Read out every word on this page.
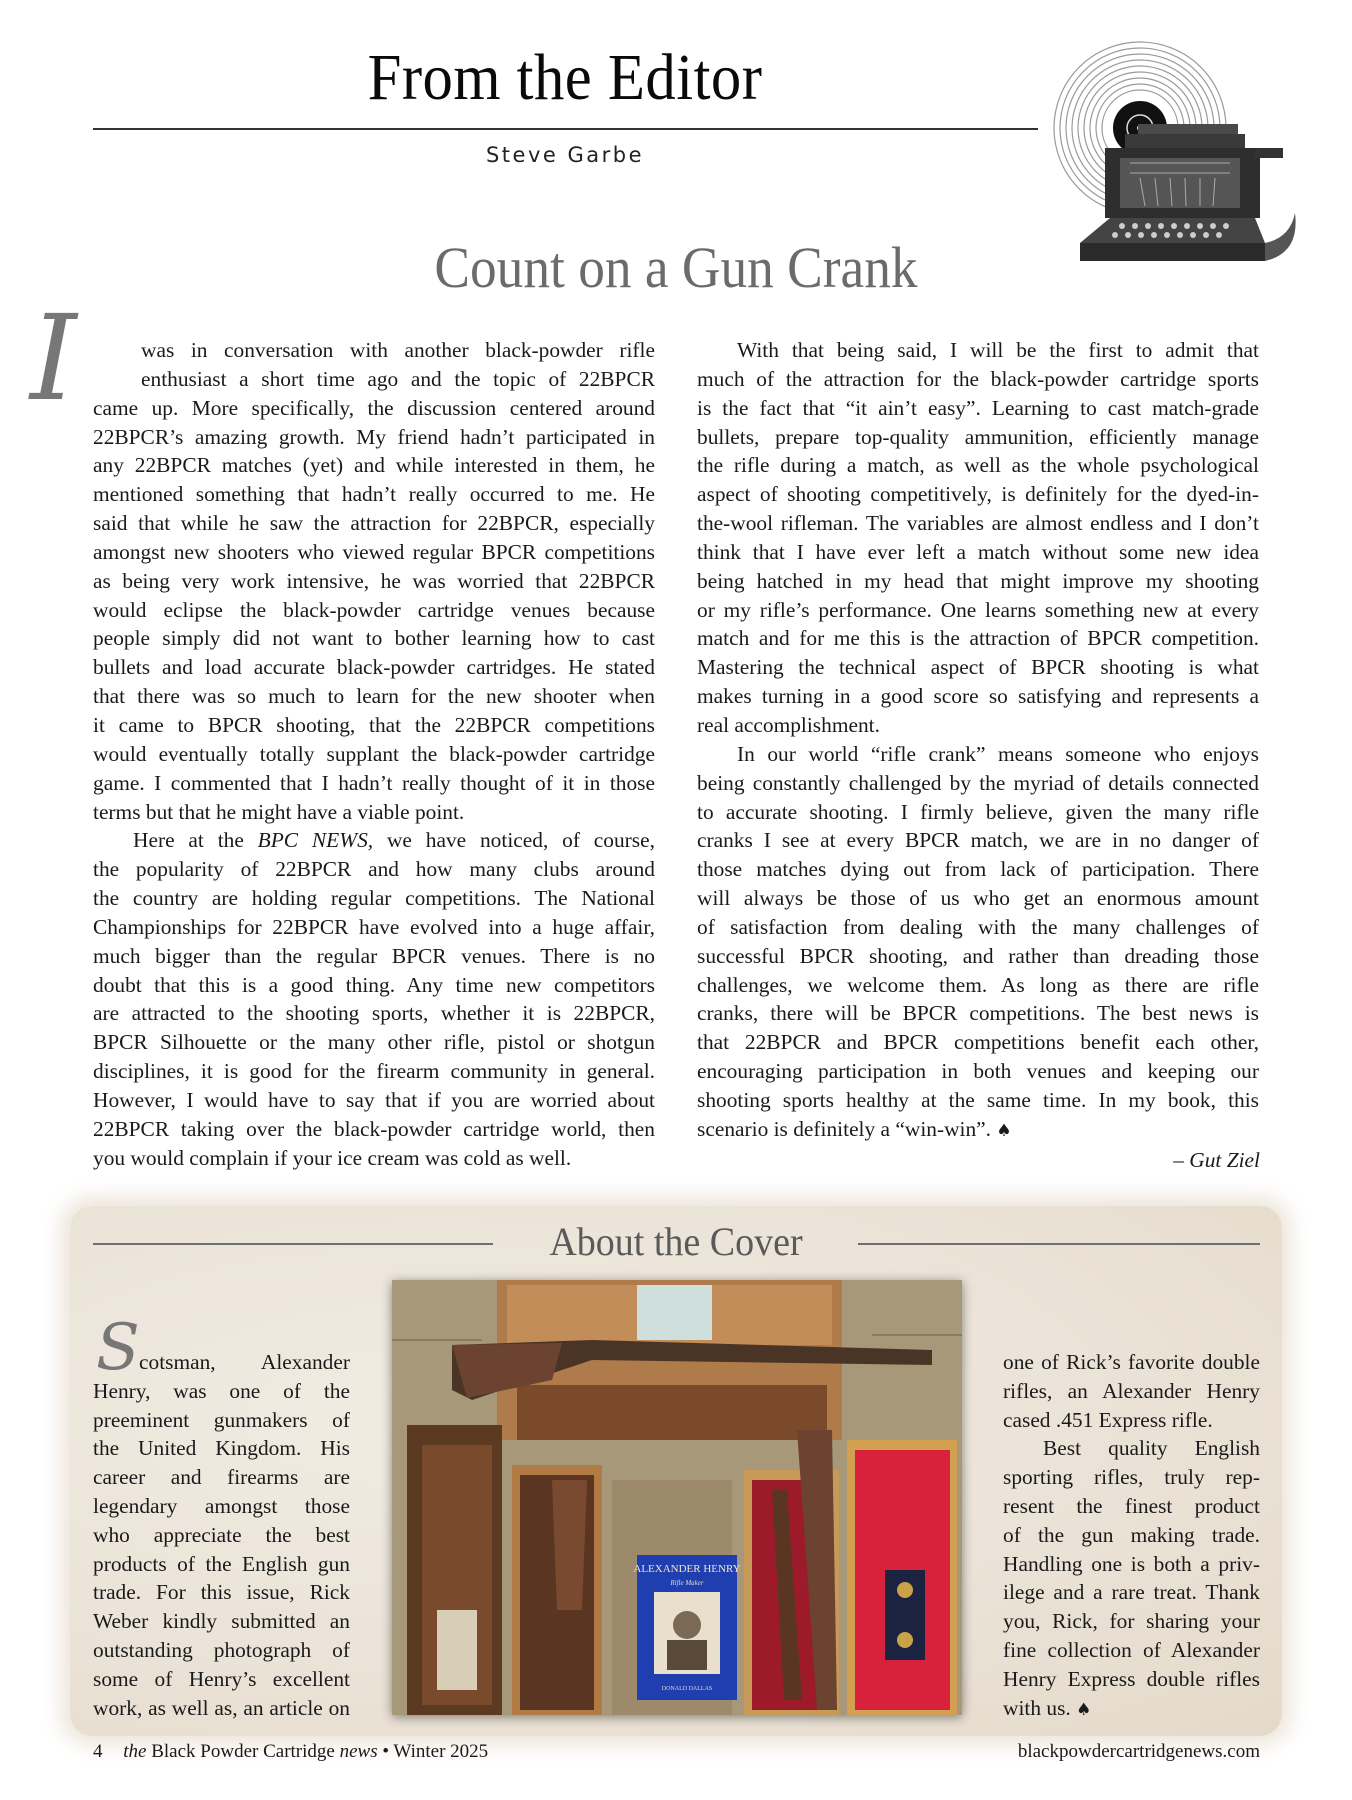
From the Editor
Steve Garbe
Count on a Gun Crank
I	was in conversation with another black-powder rifle
enthusiast a short time ago and the topic of 22BPCR
came up. More specifically, the discussion centered around
22BPCR’s amazing growth. My friend hadn’t participated in
any 22BPCR matches (yet) and while interested in them, he
mentioned something that hadn’t really occurred to me. He
said that while he saw the attraction for 22BPCR, especially
amongst new shooters who viewed regular BPCR competitions
as being very work intensive, he was worried that 22BPCR
would eclipse the black-powder cartridge venues because
people simply did not want to bother learning how to cast
bullets and load accurate black-powder cartridges. He stated
that there was so much to learn for the new shooter when
it came to BPCR shooting, that the 22BPCR competitions
would eventually totally supplant the black-powder cartridge
game. I commented that I hadn’t really thought of it in those
terms but that he might have a viable point.
Here at the BPC NEWS, we have noticed, of course,
the popularity of 22BPCR and how many clubs around
the country are holding regular competitions. The National
Championships for 22BPCR have evolved into a huge affair,
much bigger than the regular BPCR venues. There is no
doubt that this is a good thing. Any time new competitors
are attracted to the shooting sports, whether it is 22BPCR,
BPCR Silhouette or the many other rifle, pistol or shotgun
disciplines, it is good for the firearm community in general.
However, I would have to say that if you are worried about
22BPCR taking over the black-powder cartridge world, then
you would complain if your ice cream was cold as well.
With that being said, I will be the first to admit that
much of the attraction for the black-powder cartridge sports
is the fact that “it ain’t easy”. Learning to cast match-grade
bullets, prepare top-quality ammunition, efficiently manage
the rifle during a match, as well as the whole psychological
aspect of shooting competitively, is definitely for the dyed-in-
the-wool rifleman. The variables are almost endless and I don’t
think that I have ever left a match without some new idea
being hatched in my head that might improve my shooting
or my rifle’s performance. One learns something new at every
match and for me this is the attraction of BPCR competition.
Mastering the technical aspect of BPCR shooting is what
makes turning in a good score so satisfying and represents a
real accomplishment.
In our world “rifle crank” means someone who enjoys
being constantly challenged by the myriad of details connected
to accurate shooting. I firmly believe, given the many rifle
cranks I see at every BPCR match, we are in no danger of
those matches dying out from lack of participation. There
will always be those of us who get an enormous amount
of satisfaction from dealing with the many challenges of
successful BPCR shooting, and rather than dreading those
challenges, we welcome them. As long as there are rifle
cranks, there will be BPCR competitions. The best news is
that 22BPCR and BPCR competitions benefit each other,
encouraging participation in both venues and keeping our
shooting sports healthy at the same time. In my book, this
scenario is definitely a “win-win”. ♠
– Gut Ziel
About the Cover
ALEXANDER HENRY
Rifle Maker
DONALD DALLAS
S cotsman, Alexander
Henry, was one of the
preeminent gunmakers of
the United Kingdom. His
career and firearms are
legendary amongst those
who appreciate the best
products of the English gun
trade. For this issue, Rick
Weber kindly submitted an
outstanding photograph of
some of Henry’s excellent
work, as well as, an article on
one of Rick’s favorite double
rifles, an Alexander Henry
cased .451 Express rifle.
Best quality English
sporting rifles, truly rep-
resent the finest product
of the gun making trade.
Handling one is both a priv-
ilege and a rare treat. Thank
you, Rick, for sharing your
fine collection of Alexander
Henry Express double rifles
with us. ♠
4 the Black Powder Cartridge news • Winter 2025	blackpowdercartridgenews.com
